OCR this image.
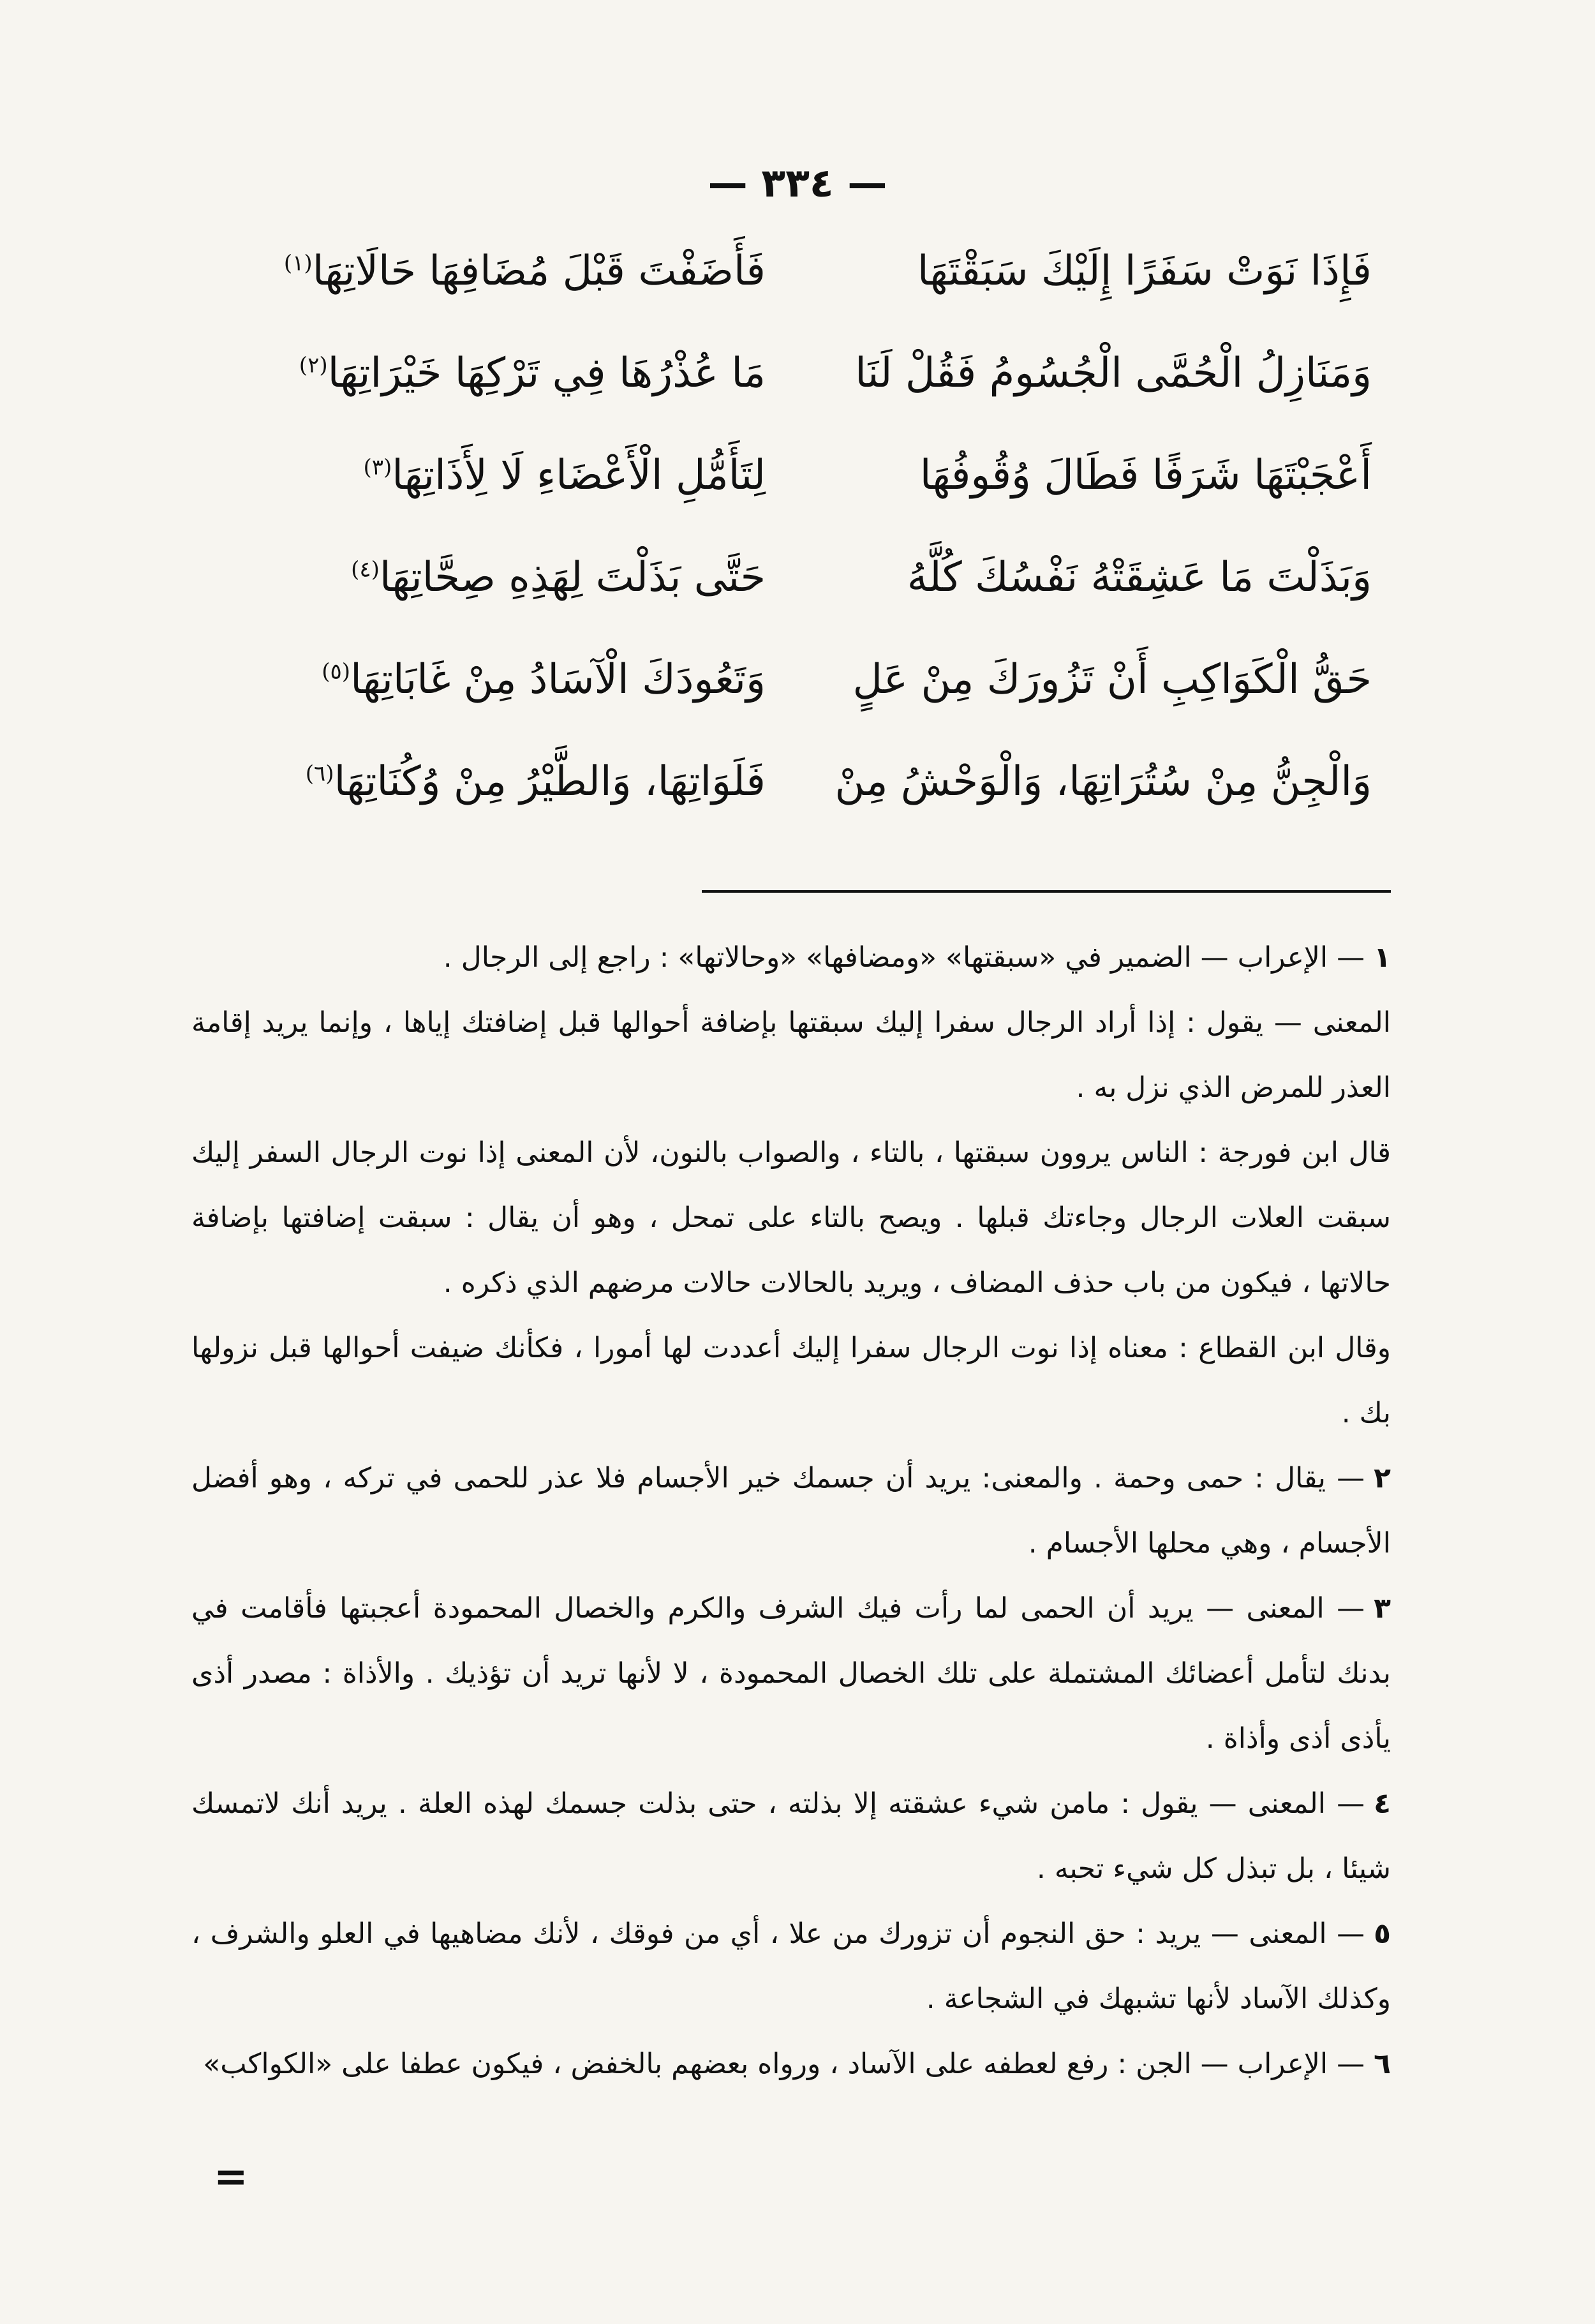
— ٣٣٤ —
فَإِذَا نَوَتْ سَفَرًا إِلَيْكَ سَبَقْتَهَا
فَأَضَفْتَ قَبْلَ مُضَافِهَا حَالَاتِهَا$^{(١)}$
وَمَنَازِلُ الْحُمَّى الْجُسُومُ فَقُلْ لَنَا
مَا عُذْرُهَا فِي تَرْكِهَا خَيْرَاتِهَا$^{(٢)}$
أَعْجَبْتَهَا شَرَفًا فَطَالَ وُقُوفُهَا
لِتَأَمُّلِ الْأَعْضَاءِ لَا لِأَذَاتِهَا$^{(٣)}$
وَبَذَلْتَ مَا عَشِقَتْهُ نَفْسُكَ كُلَّهُ
حَتَّى بَذَلْتَ لِهَذِهِ صِحَّاتِهَا$^{(٤)}$
حَقُّ الْكَوَاكِبِ أَنْ تَزُورَكَ مِنْ عَلٍ
وَتَعُودَكَ الْآسَادُ مِنْ غَابَاتِهَا$^{(٥)}$
وَالْجِنُّ مِنْ سُتُرَاتِهَا، وَالْوَحْشُ مِنْ
فَلَوَاتِهَا، وَالطَّيْرُ مِنْ وُكُنَاتِهَا$^{(٦)}$

١— الإعراب — الضمير في «سبقتها» «ومضافها» «وحالاتها» : راجع إلى الرجال .

المعنى — يقول : إذا أراد الرجال سفرا إليك سبقتها بإضافة أحوالها قبل إضافتك إياها ، وإنما يريد إقامة العذر للمرض الذي نزل به .

قال ابن فورجة : الناس يروون سبقتها ، بالتاء ، والصواب بالنون، لأن المعنى إذا نوت الرجال السفر إليك سبقت العلات الرجال وجاءتك قبلها . ويصح بالتاء على تمحل ، وهو أن يقال : سبقت إضافتها بإضافة حالاتها ، فيكون من باب حذف المضاف ، ويريد بالحالات حالات مرضهم الذي ذكره .

وقال ابن القطاع : معناه إذا نوت الرجال سفرا إليك أعددت لها أمورا ، فكأنك ضيفت أحوالها قبل نزولها بك .

٢— يقال : حمى وحمة . والمعنى: يريد أن جسمك خير الأجسام فلا عذر للحمى في تركه ، وهو أفضل الأجسام ، وهي محلها الأجسام .

٣— المعنى — يريد أن الحمى لما رأت فيك الشرف والكرم والخصال المحمودة أعجبتها فأقامت في بدنك لتأمل أعضائك المشتملة على تلك الخصال المحمودة ، لا لأنها تريد أن تؤذيك . والأذاة : مصدر أذى يأذى أذى وأذاة .

٤— المعنى — يقول : مامن شيء عشقته إلا بذلته ، حتى بذلت جسمك لهذه العلة . يريد أنك لاتمسك شيئا ، بل تبذل كل شيء تحبه .

٥— المعنى — يريد : حق النجوم أن تزورك من علا ، أي من فوقك ، لأنك مضاهيها في العلو والشرف ، وكذلك الآساد لأنها تشبهك في الشجاعة .

٦— الإعراب — الجن : رفع لعطفه على الآساد ، ورواه بعضهم بالخفض ، فيكون عطفا على «الكواكب»

=
